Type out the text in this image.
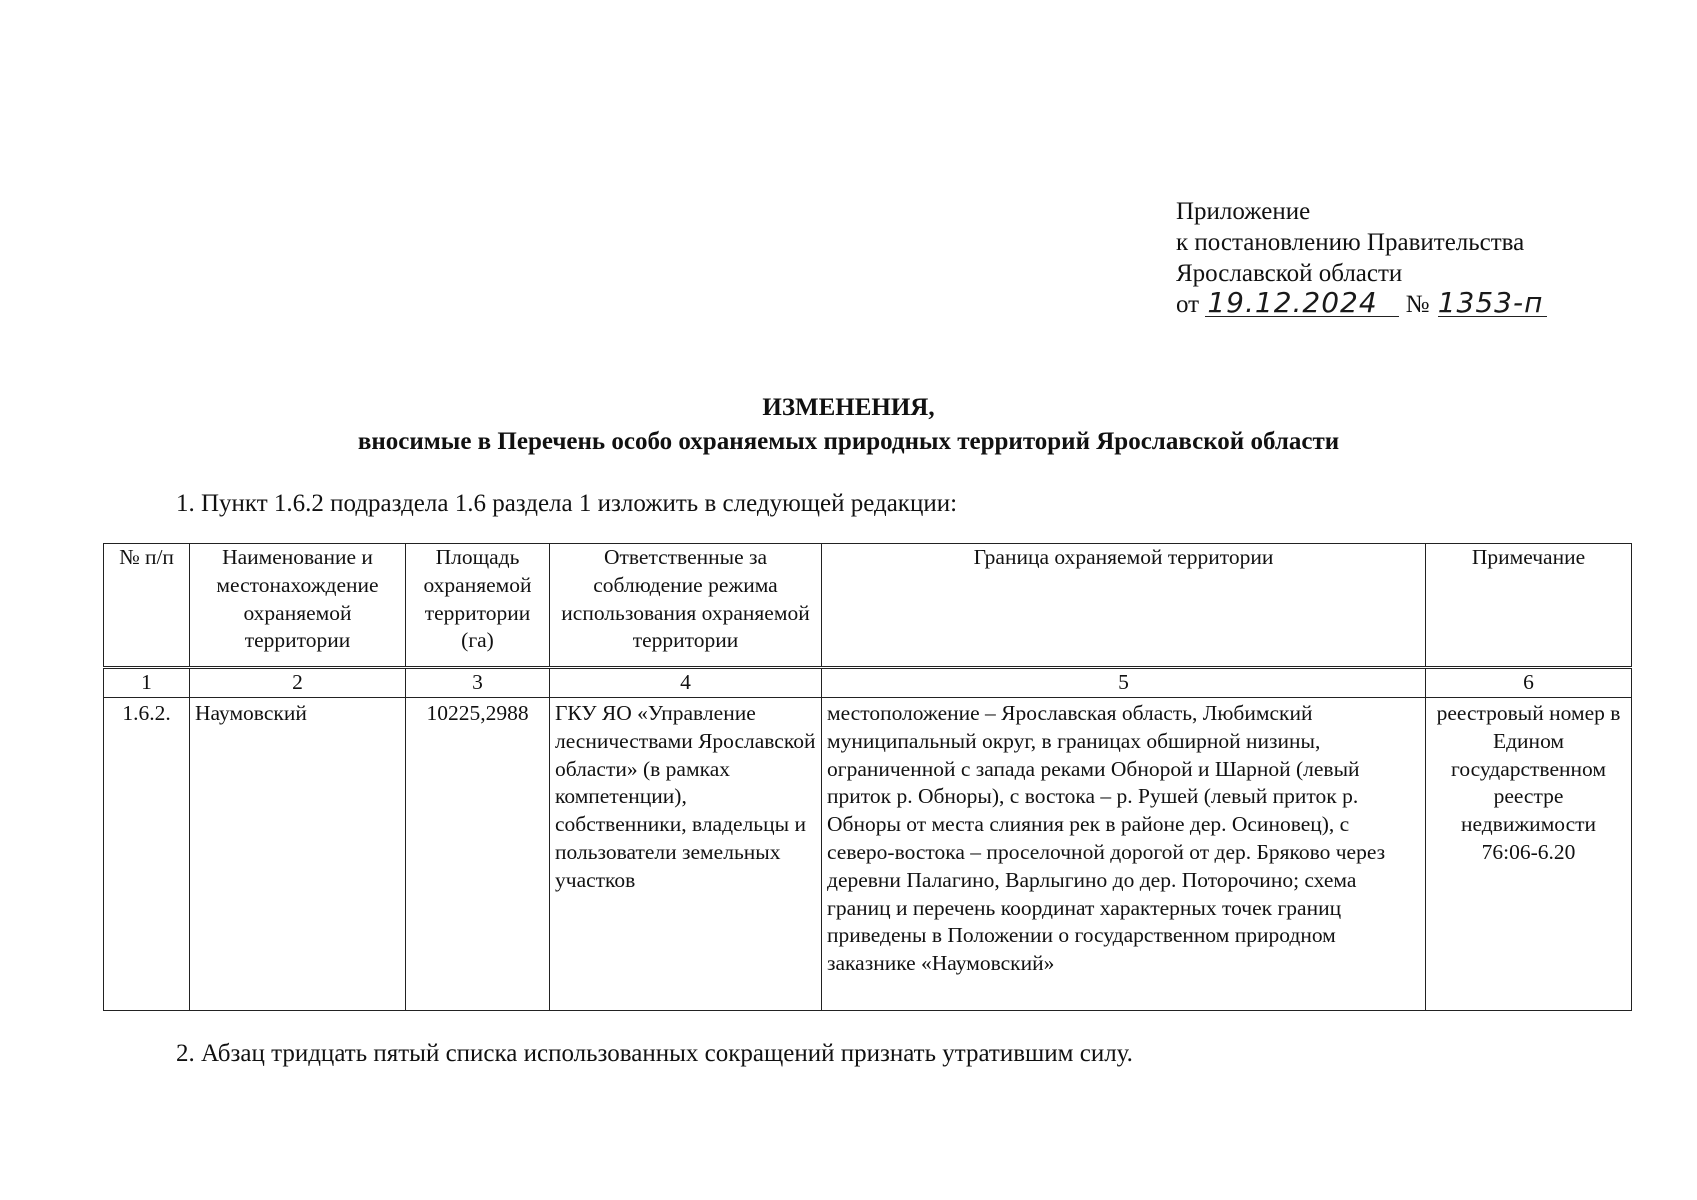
Приложение
к постановлению Правительства
Ярославской области
от 19.12.2024 № 1353-п
ИЗМЕНЕНИЯ,
вносимые в Перечень особо охраняемых природных территорий Ярославской области
1. Пункт 1.6.2 подраздела 1.6 раздела 1 изложить в следующей редакции:
№ п/п	Наименование и местонахождение охраняемой территории	Площадь охраняемой территории (га)	Ответственные за соблюдение режима использования охраняемой территории	Граница охраняемой территории	Примечание
1	2	3	4	5	6
1.6.2.	Наумовский	10225,2988	ГКУ ЯО «Управление лесничествами Ярославской области» (в рамках компетенции), собственники, владельцы и пользователи земельных участков	местоположение – Ярославская область, Любимский муниципальный округ, в границах обширной низины, ограниченной с запада реками Обнорой и Шарной (левый приток р. Обноры), с востока – р. Рушей (левый приток р. Обноры от места слияния рек в районе дер. Осиновец), с северо-востока – проселочной дорогой от дер. Бряково через деревни Палагино, Варлыгино до дер. Поторочино; схема границ и перечень координат характерных точек границ приведены в Положении о государственном природном заказнике «Наумовский»	реестровый номер в Едином государственном реестре недвижимости 76:06-6.20
2. Абзац тридцать пятый списка использованных сокращений признать утратившим силу.
